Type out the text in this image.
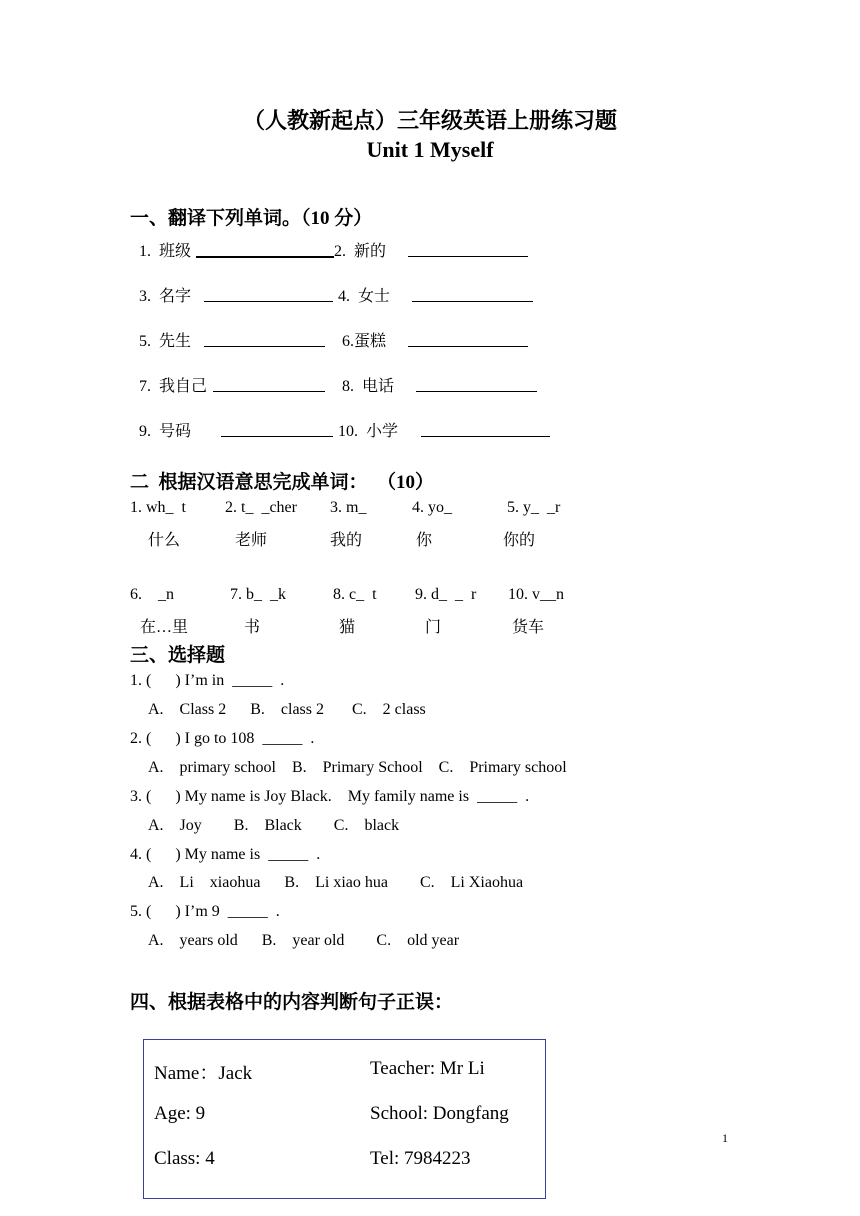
（人教新起点）三年级英语上册练习题
Unit 1 Myself
一、翻译下列单词。（10 分）
1.  班级	2.  新的
3.  名字	4.  女士
5.  先生	6.蛋糕
7.  我自己	8.  电话
9.  号码	10.  小学
二  根据汉语意思完成单词：  （10）
1. wh_  t 2. t_  _cher 3. m_	4. yo_	5. y_  _r
什么	老师	我的	你	你的
6.    _n	7. b_  _k	8. c_  t 9. d_  _  r 10. v__n
在…里	书	猫	门	货车
三、选择题
1. (      ) I’m in  _____  .
A.    Class 2      B.    class 2       C.    2 class
2. (      ) I go to 108  _____  .
A.    primary school    B.    Primary School    C.    Primary school
3. (      ) My name is Joy Black.    My family name is  _____  .
A.    Joy        B.    Black        C.    black
4. (      ) My name is  _____  .
A.    Li    xiaohua      B.    Li xiao hua        C.    Li Xiaohua
5. (      ) I’m 9  _____  .
A.    years old      B.    year old        C.    old year
四、根据表格中的内容判断句子正误：
Name：Jack	Teacher: Mr Li
Age: 9	School: Dongfang
Class: 4	Tel: 7984223
1
